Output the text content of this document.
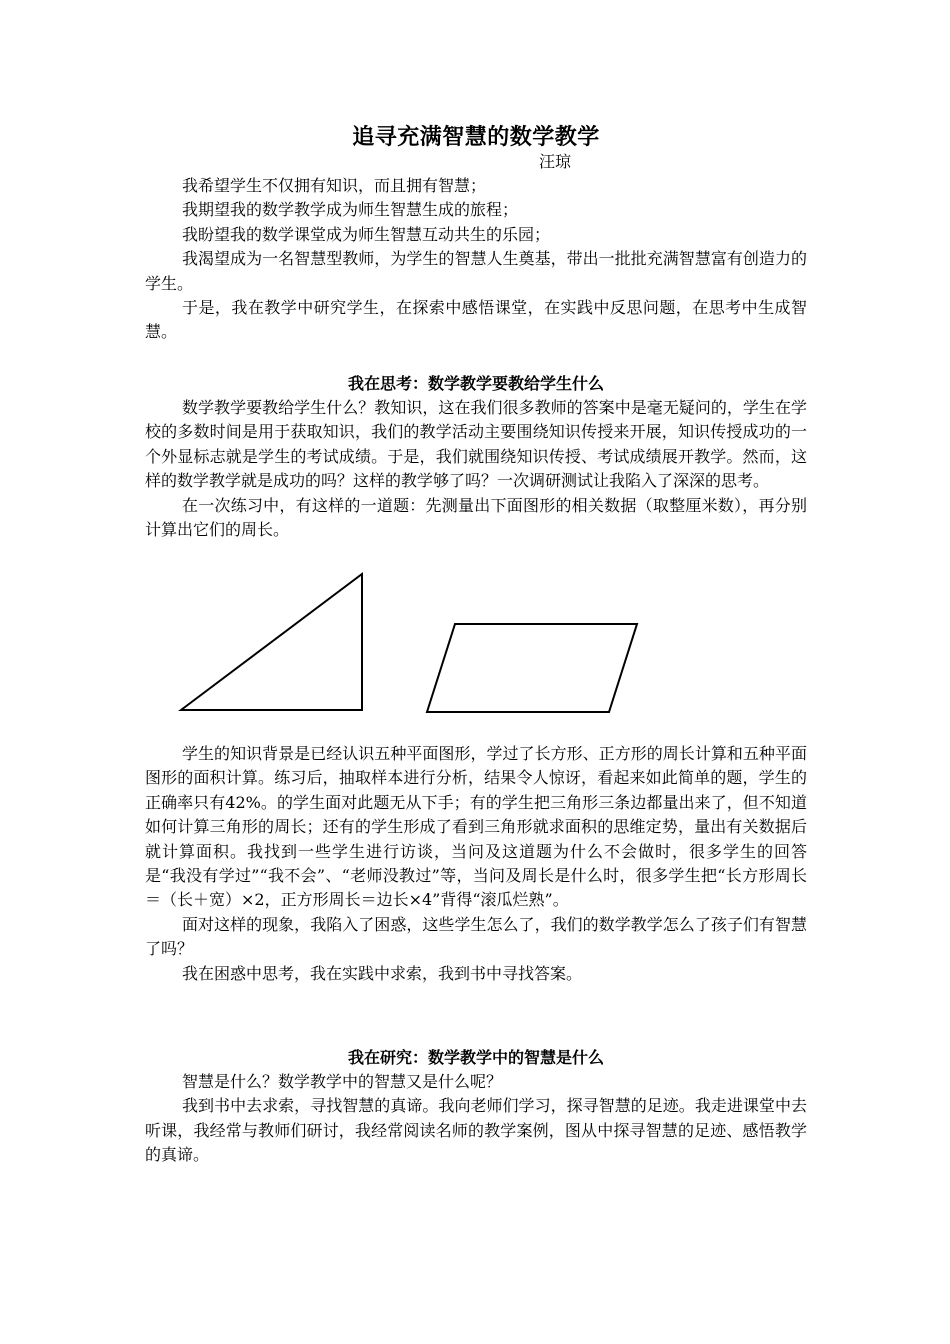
追寻充满智慧的数学教学
汪琼

我希望学生不仅拥有知识，而且拥有智慧；

我期望我的数学教学成为师生智慧生成的旅程；

我盼望我的数学课堂成为师生智慧互动共生的乐园；

我渴望成为一名智慧型教师，为学生的智慧人生奠基，带出一批批充满智慧富有创造力的学生。

于是，我在教学中研究学生，在探索中感悟课堂，在实践中反思问题，在思考中生成智慧。

我在思考：数学教学要教给学生什么

数学教学要教给学生什么？教知识，这在我们很多教师的答案中是毫无疑问的，学生在学校的多数时间是用于获取知识，我们的教学活动主要围绕知识传授来开展，知识传授成功的一个外显标志就是学生的考试成绩。于是，我们就围绕知识传授、考试成绩展开教学。然而，这样的数学教学就是成功的吗？这样的教学够了吗？一次调研测试让我陷入了深深的思考。

在一次练习中，有这样的一道题：先测量出下面图形的相关数据（取整厘米数），再分别计算出它们的周长。

学生的知识背景是已经认识五种平面图形，学过了长方形、正方形的周长计算和五种平面图形的面积计算。练习后，抽取样本进行分析，结果令人惊讶，看起来如此简单的题，学生的正确率只有42%。的学生面对此题无从下手；有的学生把三角形三条边都量出来了，但不知道如何计算三角形的周长；还有的学生形成了看到三角形就求面积的思维定势，量出有关数据后就计算面积。我找到一些学生进行访谈，当问及这道题为什么不会做时，很多学生的回答是“我没有学过”“我不会”、“老师没教过”等，当问及周长是什么时，很多学生把“长方形周长＝（长＋宽）×2，正方形周长＝边长×4”背得“滚瓜烂熟”。

面对这样的现象，我陷入了困惑，这些学生怎么了，我们的数学教学怎么了孩子们有智慧了吗？

我在困惑中思考，我在实践中求索，我到书中寻找答案。

我在研究：数学教学中的智慧是什么

智慧是什么？数学教学中的智慧又是什么呢？

我到书中去求索，寻找智慧的真谛。我向老师们学习，探寻智慧的足迹。我走进课堂中去听课，我经常与教师们研讨，我经常阅读名师的教学案例，图从中探寻智慧的足迹、感悟教学的真谛。
